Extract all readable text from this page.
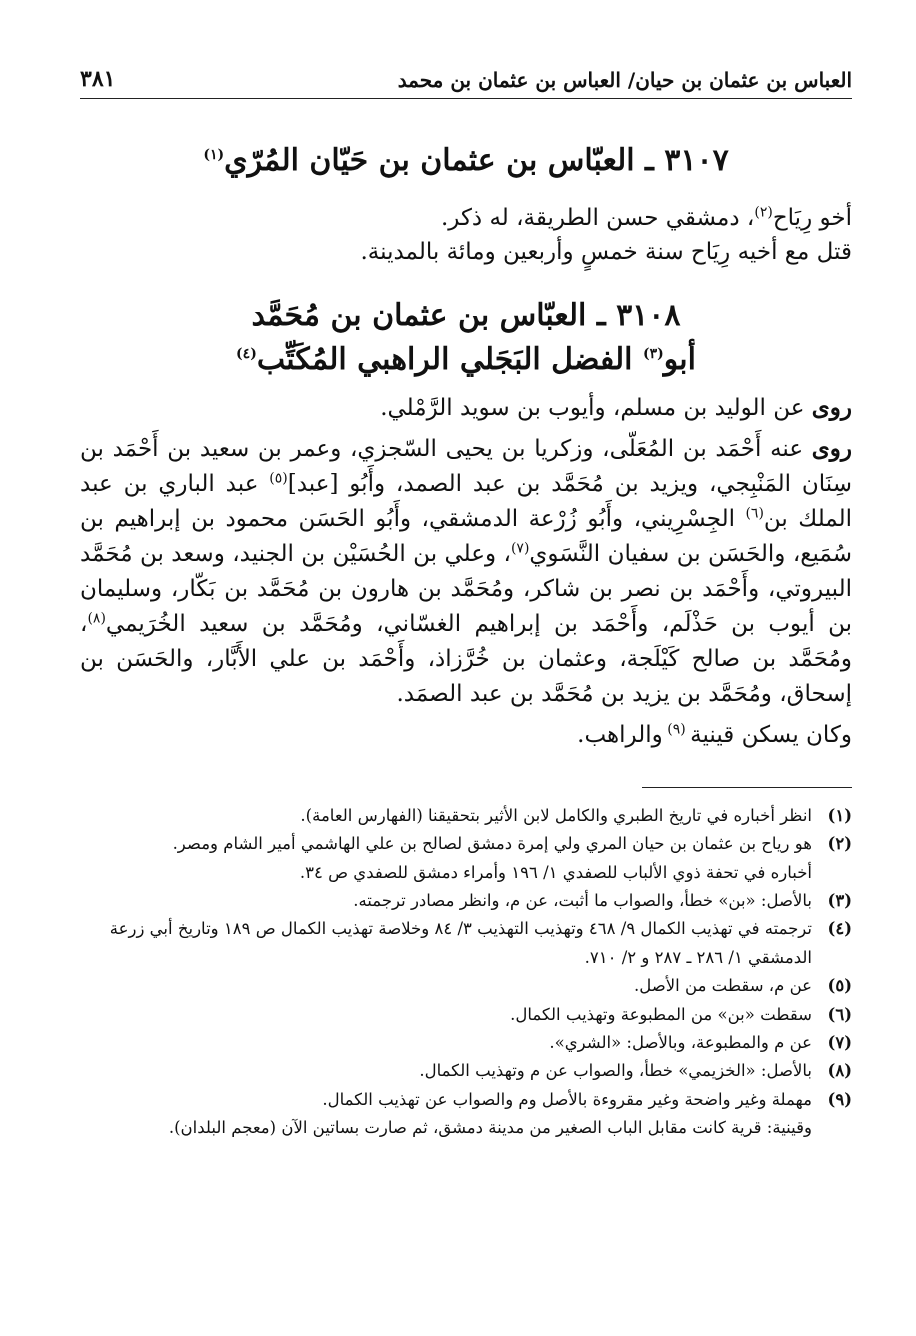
العباس بن عثمان بن حيان/ العباس بن عثمان بن محمد
٣٨١
٣١٠٧ ـ العبّاس بن عثمان بن حَيّان المُرّي$^{(١)}$

أخو رِيَاح$^{(٢)}$، دمشقي حسن الطريقة، له ذكر.

قتل مع أخيه رِيَاح سنة خمسٍ وأربعين ومائة بالمدينة.

٣١٠٨ ـ العبّاس بن عثمان بن مُحَمَّد
أبو$^{(٣)}$ الفضل البَجَلي الراهبي المُكَتِّب$^{(٤)}$

روى عن الوليد بن مسلم، وأيوب بن سويد الرَّمْلي.

روى عنه أَحْمَد بن المُعَلّى، وزكريا بن يحيى السّجزي، وعمر بن سعيد بن أَحْمَد بن سِنَان المَنْبِجي، ويزيد بن مُحَمَّد بن عبد الصمد، وأَبُو [عبد]$^{(٥)}$ عبد الباري بن عبد الملك بن$^{(٦)}$ الجِسْرِيني، وأَبُو زُرْعة الدمشقي، وأَبُو الحَسَن محمود بن إبراهيم بن سُمَيع، والحَسَن بن سفيان النَّسَوي$^{(٧)}$، وعلي بن الحُسَيْن بن الجنيد، وسعد بن مُحَمَّد البيروتي، وأَحْمَد بن نصر بن شاكر، ومُحَمَّد بن هارون بن مُحَمَّد بن بَكّار، وسليمان بن أيوب بن حَذْلَم، وأَحْمَد بن إبراهيم الغسّاني، ومُحَمَّد بن سعيد الخُرَيمي$^{(٨)}$، ومُحَمَّد بن صالح كَيْلَجة، وعثمان بن خُرَّزاذ، وأَحْمَد بن علي الأَبَّار، والحَسَن بن إسحاق، ومُحَمَّد بن يزيد بن مُحَمَّد بن عبد الصمَد.

وكان يسكن قينية $^{(٩)}$ والراهب.

(١)
انظر أخباره في تاريخ الطبري والكامل لابن الأثير بتحقيقنا (الفهارس العامة).
(٢)
هو رياح بن عثمان بن حيان المري ولي إمرة دمشق لصالح بن علي الهاشمي أمير الشام ومصر.
أخباره في تحفة ذوي الألباب للصفدي ١/ ١٩٦ وأمراء دمشق للصفدي ص ٣٤.
(٣)
بالأصل: «بن» خطأ، والصواب ما أثبت، عن م، وانظر مصادر ترجمته.
(٤)
ترجمته في تهذيب الكمال ٩/ ٤٦٨ وتهذيب التهذيب ٣/ ٨٤ وخلاصة تهذيب الكمال ص ١٨٩ وتاريخ أبي زرعة الدمشقي ١/ ٢٨٦ ـ ٢٨٧ و ٢/ ٧١٠.
(٥)
عن م، سقطت من الأصل.
(٦)
سقطت «بن» من المطبوعة وتهذيب الكمال.
(٧)
عن م والمطبوعة، وبالأصل: «الشري».
(٨)
بالأصل: «الخزيمي» خطأ، والصواب عن م وتهذيب الكمال.
(٩)
مهملة وغير واضحة وغير مقروءة بالأصل وم والصواب عن تهذيب الكمال.
وقينية: قرية كانت مقابل الباب الصغير من مدينة دمشق، ثم صارت بساتين الآن (معجم البلدان).
